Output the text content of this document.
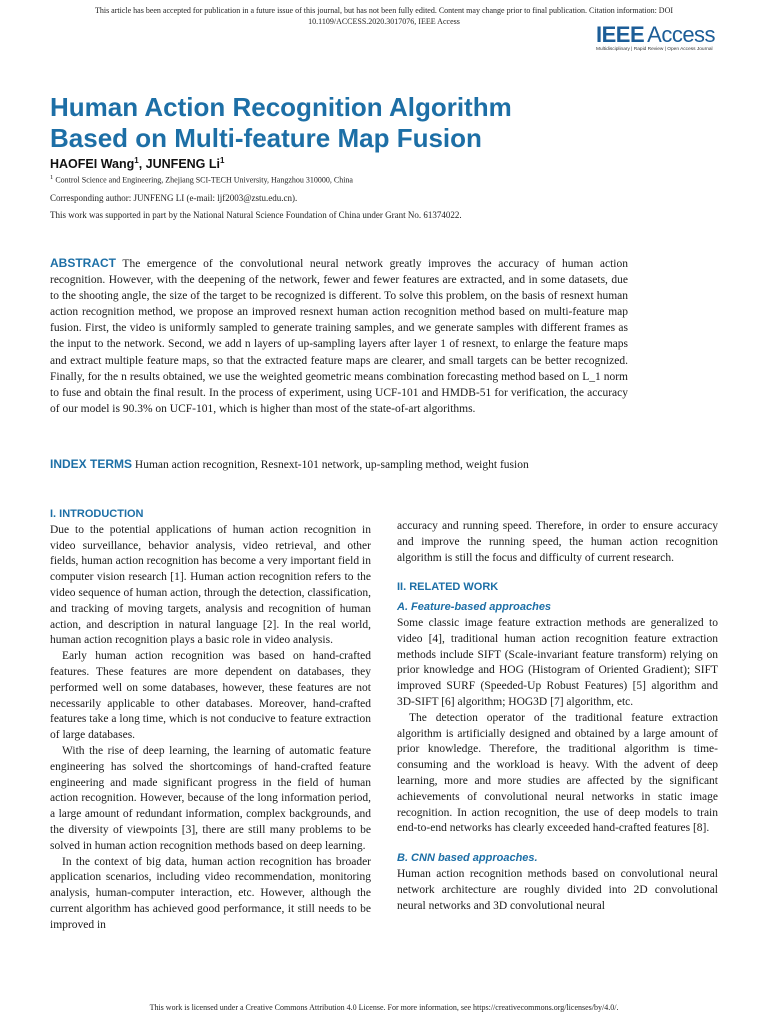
This article has been accepted for publication in a future issue of this journal, but has not been fully edited. Content may change prior to final publication. Citation information: DOI
10.1109/ACCESS.2020.3017076, IEEE Access
IEEE Access
Multidisciplinary | Rapid Review | Open Access Journal
Human Action Recognition Algorithm
Based on Multi-feature Map Fusion
HAOFEI Wang$^1$, JUNFENG Li$^1$
$^1$ Control Science and Engineering, Zhejiang SCI-TECH University, Hangzhou 310000, China
Corresponding author: JUNFENG LI (e-mail: ljf2003@zstu.edu.cn).
This work was supported in part by the National Natural Science Foundation of China under Grant No. 61374022.
ABSTRACT The emergence of the convolutional neural network greatly improves the accuracy of human action recognition. However, with the deepening of the network, fewer and fewer features are extracted, and in some datasets, due to the shooting angle, the size of the target to be recognized is different. To solve this problem, on the basis of resnext human action recognition method, we propose an improved resnext human action recognition method based on multi-feature map fusion. First, the video is uniformly sampled to generate training samples, and we generate samples with different frames as the input to the network. Second, we add n layers of up-sampling layers after layer 1 of resnext, to enlarge the feature maps and extract multiple feature maps, so that the extracted feature maps are clearer, and small targets can be better recognized. Finally, for the n results obtained, we use the weighted geometric means combination forecasting method based on L_1 norm to fuse and obtain the final result. In the process of experiment, using UCF-101 and HMDB-51 for verification, the accuracy of our model is 90.3% on UCF-101, which is higher than most of the state-of-art algorithms.
INDEX TERMS Human action recognition, Resnext-101 network, up-sampling method, weight fusion
I. INTRODUCTION

Due to the potential applications of human action recognition in video surveillance, behavior analysis, video retrieval, and other fields, human action recognition has become a very important field in computer vision research [1]. Human action recognition refers to the video sequence of human action, through the detection, classification, and tracking of moving targets, analysis and recognition of human action, and description in natural language [2]. In the real world, human action recognition plays a basic role in video analysis.

Early human action recognition was based on hand-crafted features. These features are more dependent on databases, they performed well on some databases, however, these features are not necessarily applicable to other databases. Moreover, hand-crafted features take a long time, which is not conducive to feature extraction of large databases.

With the rise of deep learning, the learning of automatic feature engineering has solved the shortcomings of hand-crafted feature engineering and made significant progress in the field of human action recognition. However, because of the long information period, a large amount of redundant information, complex backgrounds, and the diversity of viewpoints [3], there are still many problems to be solved in human action recognition methods based on deep learning.

In the context of big data, human action recognition has broader application scenarios, including video recommendation, monitoring analysis, human-computer interaction, etc. However, although the current algorithm has achieved good performance, it still needs to be improved in

accuracy and running speed. Therefore, in order to ensure accuracy and improve the running speed, the human action recognition algorithm is still the focus and difficulty of current research.

II. RELATED WORK
A. Feature-based approaches

Some classic image feature extraction methods are generalized to video [4], traditional human action recognition feature extraction methods include SIFT (Scale-invariant feature transform) relying on prior knowledge and HOG (Histogram of Oriented Gradient); SIFT improved SURF (Speeded-Up Robust Features) [5] algorithm and 3D-SIFT [6] algorithm; HOG3D [7] algorithm, etc.

The detection operator of the traditional feature extraction algorithm is artificially designed and obtained by a large amount of prior knowledge. Therefore, the traditional algorithm is time-consuming and the workload is heavy. With the advent of deep learning, more and more studies are affected by the significant achievements of convolutional neural networks in static image recognition. In action recognition, the use of deep models to train end-to-end networks has clearly exceeded hand-crafted features [8].

B. CNN based approaches.

Human action recognition methods based on convolutional neural network architecture are roughly divided into 2D convolutional neural networks and 3D convolutional neural

This work is licensed under a Creative Commons Attribution 4.0 License. For more information, see https://creativecommons.org/licenses/by/4.0/.
